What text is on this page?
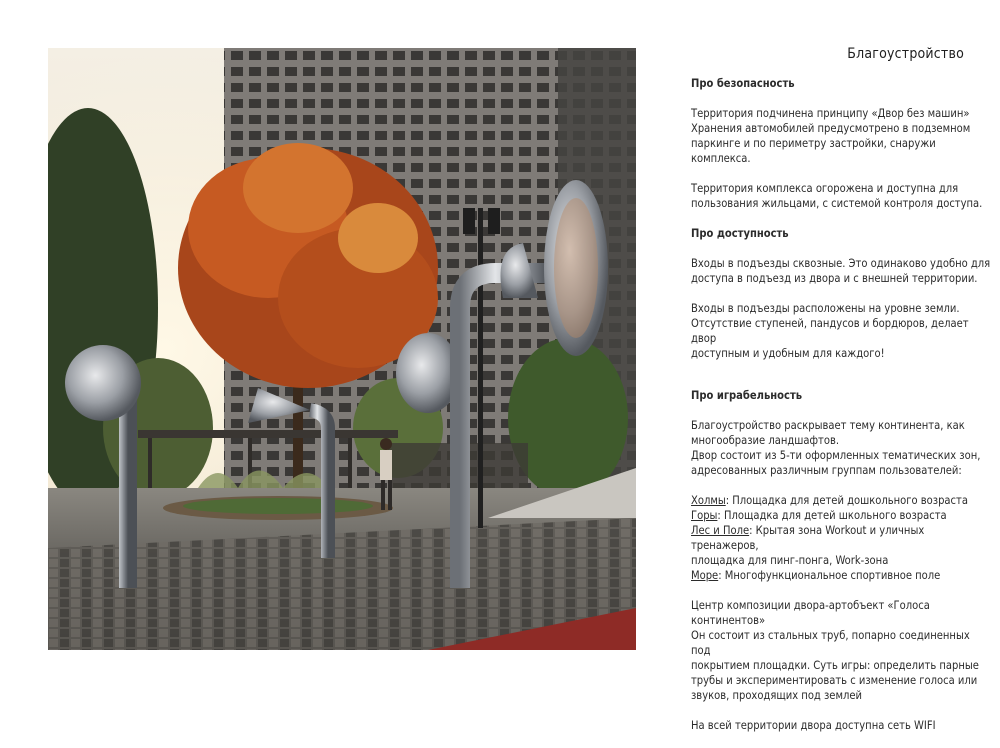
Благоустройство
Про безопасность
Территория подчинена принципу «Двор без машин»
Хранения автомобилей предусмотрено в подземном
паркинге и по периметру застройки, снаружи комплекса.
Территория комплекса огорожена и доступна для
пользования жильцами, с системой контроля доступа.
Про доступность
Входы в подъезды сквозные. Это одинаково удобно для
доступа в подъезд из двора и с внешней территории.
Входы в подъезды расположены на уровне земли.
Отсутствие ступеней, пандусов и бордюров, делает двор
доступным и удобным для каждого!
Про играбельность
Благоустройство раскрывает тему континента, как
многообразие ландшафтов.
Двор состоит из 5-ти оформленных тематических зон,
адресованных различным группам пользователей:
Холмы: Площадка для детей дошкольного возраста
Горы: Площадка для детей школьного возраста
Лес и Поле: Крытая зона Workout и уличных тренажеров,
площадка для пинг-понга, Work-зона
Море: Многофункциональное спортивное поле
Центр композиции двора-артобъект «Голоса континентов»
Он состоит из стальных труб, попарно соединенных под
покрытием площадки. Суть игры: определить парные
трубы и экспериментировать с изменение голоса или
звуков, проходящих под землей
На всей территории двора доступна сеть WIFI
